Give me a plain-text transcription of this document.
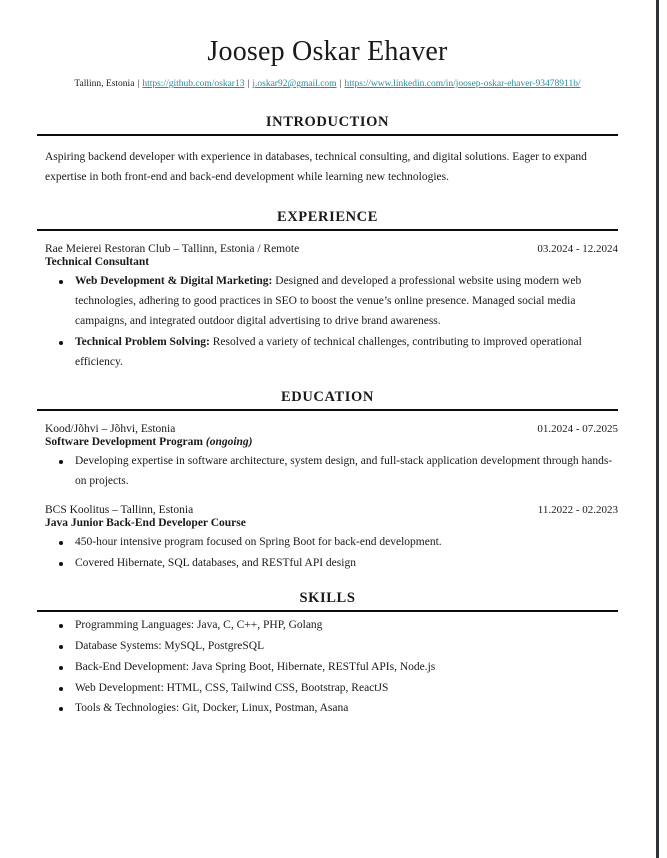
Joosep Oskar Ehaver
Tallinn, Estonia | https://github.com/oskar13 | j.oskar92@gmail.com | https://www.linkedin.com/in/joosep-oskar-ehaver-93478911b/
INTRODUCTION

Aspiring backend developer with experience in databases, technical consulting, and digital solutions. Eager to expand expertise in both front-end and back-end development while learning new technologies.

EXPERIENCE
Rae Meierei Restoran Club – Tallinn, Estonia / Remote	03.2024 - 12.2024
Technical Consultant
Web Development & Digital Marketing: Designed and developed a professional website using modern web technologies, adhering to good practices in SEO to boost the venue’s online presence. Managed social media campaigns, and integrated outdoor digital advertising to drive brand awareness.
Technical Problem Solving: Resolved a variety of technical challenges, contributing to improved operational efficiency.
EDUCATION
Kood/Jõhvi – Jõhvi, Estonia	01.2024 - 07.2025
Software Development Program (ongoing)
Developing expertise in software architecture, system design, and full-stack application development through hands-on projects.
BCS Koolitus – Tallinn, Estonia	11.2022 - 02.2023
Java Junior Back-End Developer Course
450-hour intensive program focused on Spring Boot for back-end development.
Covered Hibernate, SQL databases, and RESTful API design
SKILLS
Programming Languages: Java, C, C++, PHP, Golang
Database Systems: MySQL, PostgreSQL
Back-End Development: Java Spring Boot, Hibernate, RESTful APIs, Node.js
Web Development: HTML, CSS, Tailwind CSS, Bootstrap, ReactJS
Tools & Technologies: Git, Docker, Linux, Postman, Asana
